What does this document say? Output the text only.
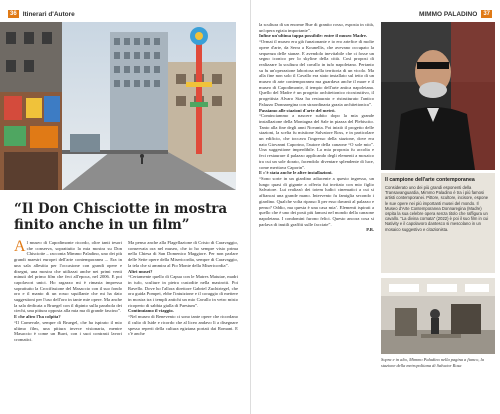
36 Itinerari d'Autore
“Il Don Chisciotte in mostra finito anche in un film”
Al museo di Capodimonte ricordo, oltre tanti tesori che conserva, soprattutto la mia mostra su Don Chisciotte – racconta Mimmo Paladino, uno dei più grandi maestri europei dell'arte contemporanea –. Era in una sala allestita per l'occasione con grandi opere e disegni, una mostra che utilizzai anche nei primi venti minuti del primo film che feci all'epoca, nel 2006. E poi capolavori unici. Ho ragazzo mi è rimasta impressa soprattutto la Crocifissione del Masaccio con il suo fondo oro e il manto di un rosso squillante che mi ha dato suggestioni per l'uso dell'oro in tante mie opere. Ma anche la sala dedicata a Bruegel con il dipinto sulla parabola dei ciechi, una pittura opposta alla mia ma di grande fascino”.
E che altro l'ha colpita?
“Il Carnevale, sempre di Bruegel, che ha ispirato il mio ultimo film, una pittura invece visionaria, mentre Masaccio è come un Burri, con i suoi contrasti lavori cromatici.
Ma penso anche alla Flagellazione di Cristo di Caravaggio, conservata ora nel museo, che io ho sempre visto prima nella Chiesa di San Domenico Maggiore. Per non parlare delle Sette opere della Misericordia, sempre di Caravaggio, la tela che si ammira al Pio Monte della Misericordia”.
Altri musei?
“Certamente quello di Capua con le Matres Matutae, madri in tufo, sculture in pietra custodite nella mastrotti. Poi Ravello. Dove ho l'allora direttore Gabriel Zuchtriegel, che ora guida Pompei, ebbe l'intuizione e il coraggio di mettere in mostra tra i templi antichi un mio Cavallo in vetro misto ricoperto di sabbia gialla di Paestum”.
Continuiamo il viaggio.
“Nel museo di Benevento ci sono tante opere che ricordano il culto di Iside e ricordo che al liceo andavo lì a disegnare spesso reperti della cultura egiziana portati dai Romani. E c'è anche
MIMMO PALADINO	37
la scultura di un enorme Bue di granito rosso, esposta in città, un'opera egizia importante”.
Infine un'ultima tappa possibile: entre il museo Madre.
“Ormai il museo era già funzionante e io ero artefice di molte opere d'arte, da Serra a Kounellis, che avevano occupato la sequenza delle stanze. E avendolo inevitabile che ci fosse un segno iconico per lo skyline della città. Così proposi di realizzare la scultura del cavallo in tufo napoletano. Pertanto su fu un'operazione laboriosa nella territoria di un vicolo. Ma alla fine non solo il Cavallo era stato installato sul tetto di un museo di arte contemporanea ma guardava anche il mare e il museo di Capodimonte, il tempio dell'arte antica napoletana. Quello del Madre è un progetto architettonico ricostruttivo, il progettista Alvaro Siza ha restaurato e ristrutturato l'antico Palazzo Donnaregina con straordinaria grazia architettonica”.
Passiamo alle stazioni d'arte del metrò.
“Cominciammo a nascere subito dopo la mia grande installazione della Montagna del Sale in piazza del Plebiscito. Tanto alla fine degli anni Novanta. Poi iniziò il progetto delle stazioni, la scelta fu mistione Salvatore Ross, e in particolare un edificio, che toccava l'ingresso della stazione, dove era nato Giovanni Caporino, l'autore della canzone “O sole mio”. Una suggestione imperdibile. La mia proposta fu accolta e feci restaurare il palazzo applicando degli elementi a mosaico tra cui un sole dorato, facendolo diventare splendente di luce, come meritava Caporin”.
E c'è stata anche le altre installazioni.
“Sono sorte in un giardino adiacente a questo ingresso, un lungo quasi di gigante a offerta fui invitato con mio figlio Salvatore. Lui realizzò dei totem ludici cinematici a cui si affiancai una grande mano. Intervento fu famiglia secondo i giardino. Qualche volta ripasso lì per esso davanti al palazzo e penso? Oddio, ma questa è una casa mia’. Elementi ispirati a quello che è uno dei posti più famosi nel mondo della canzone napoletana. I condomini furono felici. Questo ancora cosa si parlava di inutili graffiti sulle facciate”.
P.B.
Il campione dell'arte contemporanea
Considerato uno dei più grandi esponenti della Transavanguardia, Mimmo Paladino è tra i più famosi artisti contemporanei. Pittore, scultore, incisore, espone le sue opere nei più importanti musei del mondo. Il Museo d'Arte Contemporanea Donnaregina (Madre) ospita la sua celebre opera senza titolo che raffigura un cavallo. "La divina cornata" (2022) è poi il suo film in cui Nativity e il capolavoro dantesco si mescolano in un mosaico suggestivo e citazionista.
Sopra e in alto, Mimmo Paladino nella pagina a fianco, la stazione della metropolitana di Salvator Rosa
